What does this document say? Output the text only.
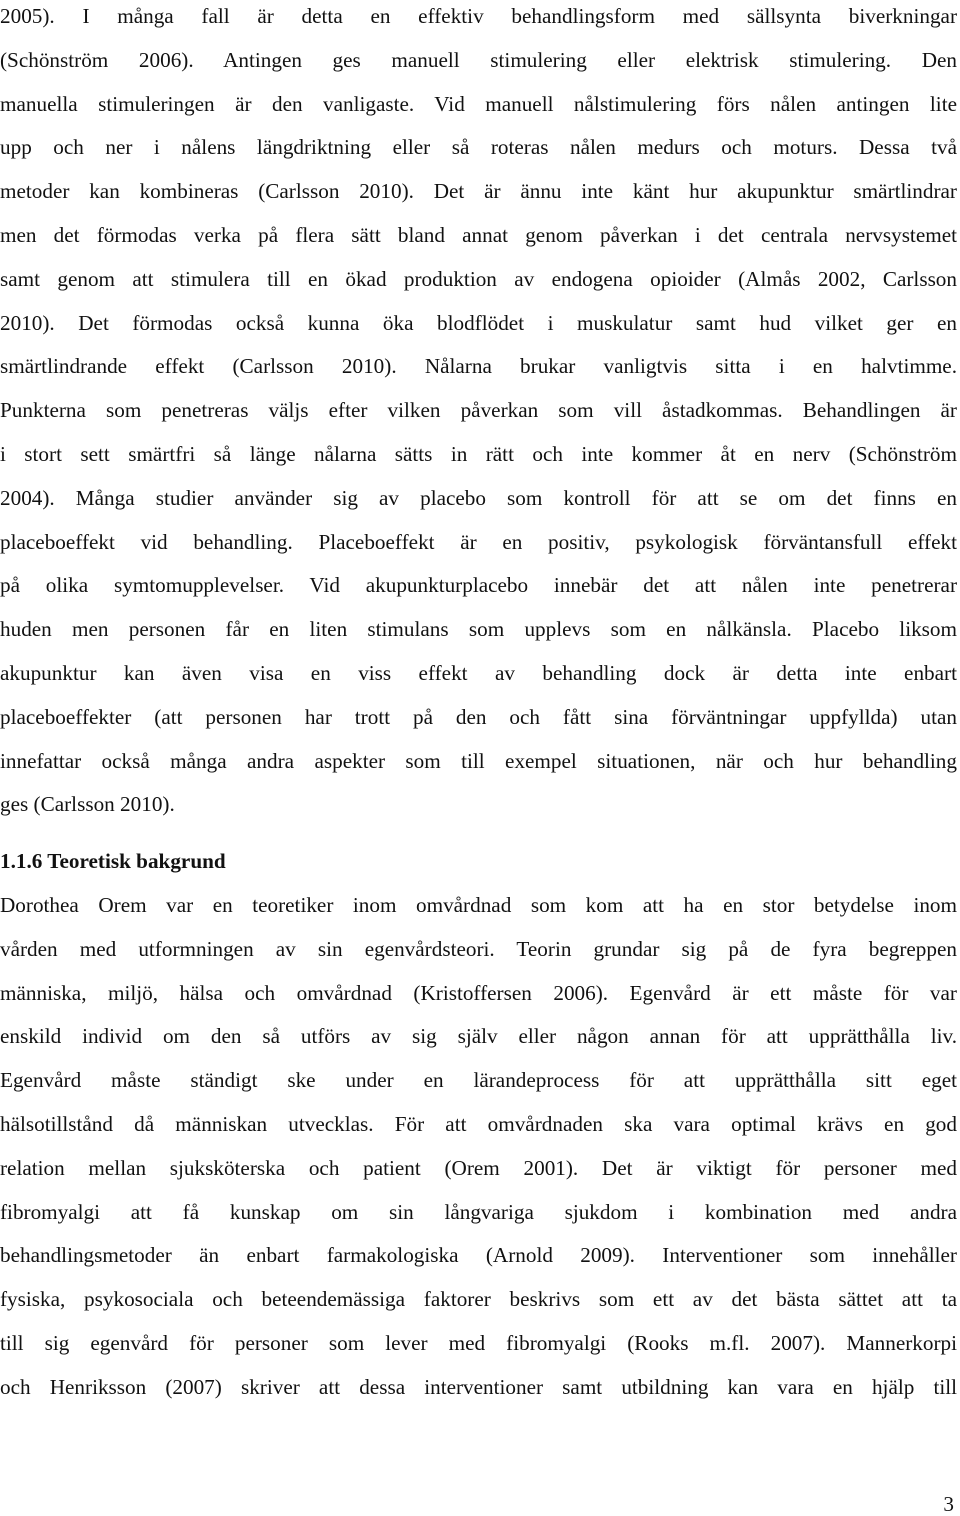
2005). I många fall är detta en effektiv behandlingsform med sällsynta biverkningar
(Schönström 2006). Antingen ges manuell stimulering eller elektrisk stimulering. Den
manuella stimuleringen är den vanligaste. Vid manuell nålstimulering förs nålen antingen lite
upp och ner i nålens längdriktning eller så roteras nålen medurs och moturs. Dessa två
metoder kan kombineras (Carlsson 2010). Det är ännu inte känt hur akupunktur smärtlindrar
men det förmodas verka på flera sätt bland annat genom påverkan i det centrala nervsystemet
samt genom att stimulera till en ökad produktion av endogena opioider (Almås 2002, Carlsson
2010). Det förmodas också kunna öka blodflödet i muskulatur samt hud vilket ger en
smärtlindrande effekt (Carlsson 2010). Nålarna brukar vanligtvis sitta i en halvtimme.
Punkterna som penetreras väljs efter vilken påverkan som vill åstadkommas. Behandlingen är
i stort sett smärtfri så länge nålarna sätts in rätt och inte kommer åt en nerv (Schönström
2004). Många studier använder sig av placebo som kontroll för att se om det finns en
placeboeffekt vid behandling. Placeboeffekt är en positiv, psykologisk förväntansfull effekt
på olika symtomupplevelser. Vid akupunkturplacebo innebär det att nålen inte penetrerar
huden men personen får en liten stimulans som upplevs som en nålkänsla. Placebo liksom
akupunktur kan även visa en viss effekt av behandling dock är detta inte enbart
placeboeffekter (att personen har trott på den och fått sina förväntningar uppfyllda) utan
innefattar också många andra aspekter som till exempel situationen, när och hur behandling
ges (Carlsson 2010).
1.1.6 Teoretisk bakgrund
Dorothea Orem var en teoretiker inom omvårdnad som kom att ha en stor betydelse inom
vården med utformningen av sin egenvårdsteori. Teorin grundar sig på de fyra begreppen
människa, miljö, hälsa och omvårdnad (Kristoffersen 2006). Egenvård är ett måste för var
enskild individ om den så utförs av sig själv eller någon annan för att upprätthålla liv.
Egenvård måste ständigt ske under en lärandeprocess för att upprätthålla sitt eget
hälsotillstånd då människan utvecklas. För att omvårdnaden ska vara optimal krävs en god
relation mellan sjuksköterska och patient (Orem 2001). Det är viktigt för personer med
fibromyalgi att få kunskap om sin långvariga sjukdom i kombination med andra
behandlingsmetoder än enbart farmakologiska (Arnold 2009). Interventioner som innehåller
fysiska, psykosociala och beteendemässiga faktorer beskrivs som ett av det bästa sättet att ta
till sig egenvård för personer som lever med fibromyalgi (Rooks m.fl. 2007). Mannerkorpi
och Henriksson (2007) skriver att dessa interventioner samt utbildning kan vara en hjälp till
3
